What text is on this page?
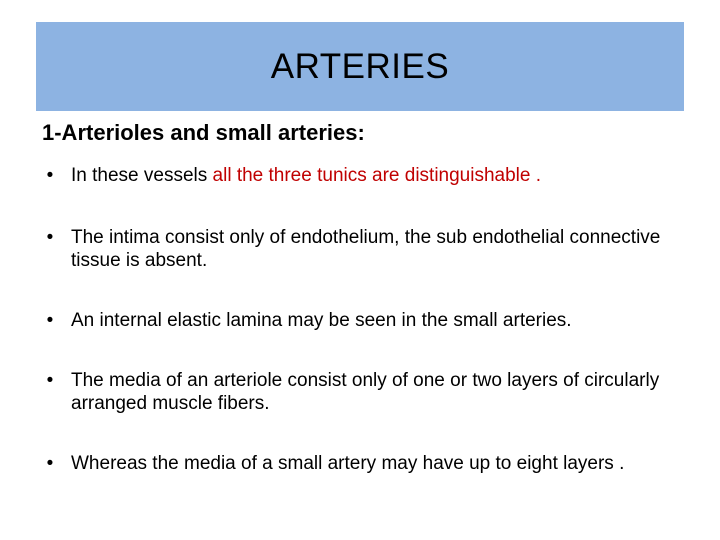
ARTERIES
1-Arterioles and small arteries:
• In these vessels all the three tunics are distinguishable .
• The intima consist only of endothelium, the sub endothelial connective tissue is absent.
• An internal elastic lamina may be seen in the small arteries.
• The media of an arteriole consist only of one or two layers of circularly arranged muscle fibers.
• Whereas the media of a small artery may have up to eight layers .
